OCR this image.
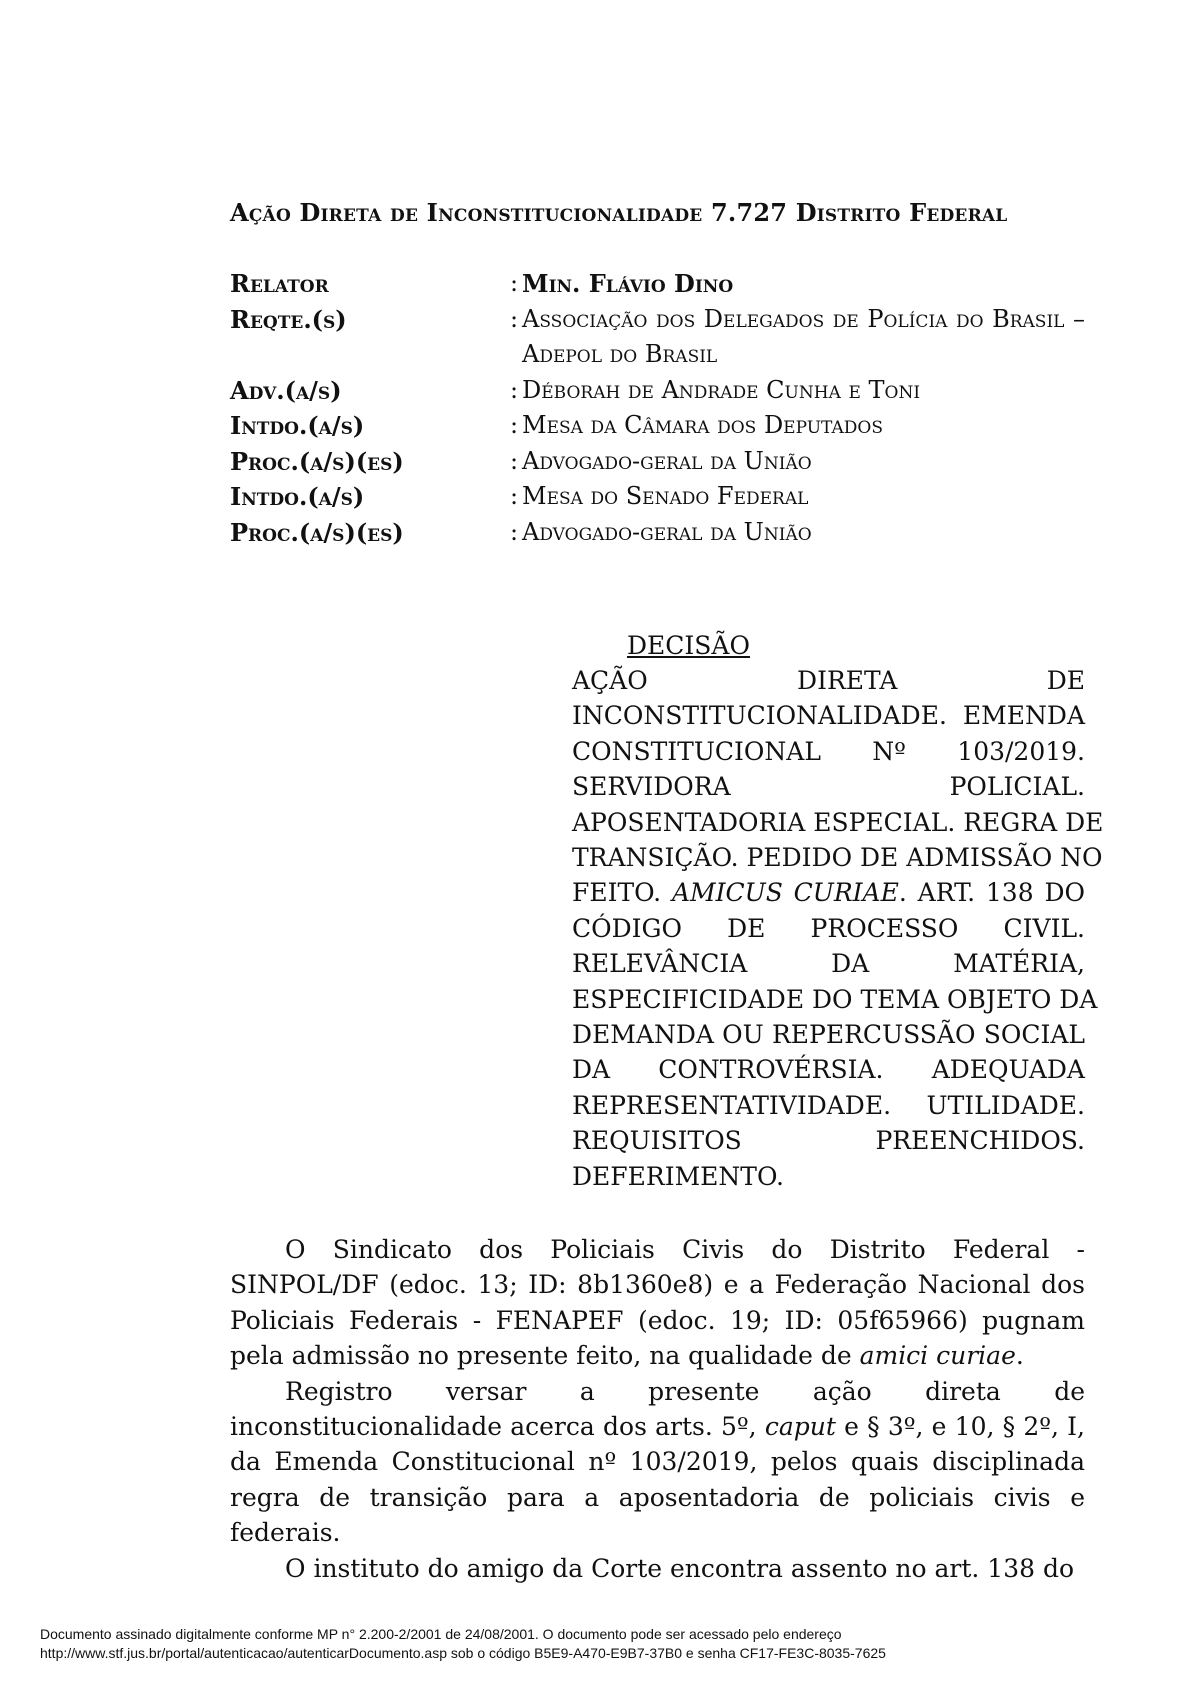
Ação Direta de Inconstitucionalidade 7.727 Distrito Federal
Relator	: Min. Flávio Dino
Reqte.(s)	: Associação dos Delegados de Polícia do Brasil – Adepol do Brasil
Adv.(a/s)	: Déborah de Andrade Cunha e Toni
Intdo.(a/s)	: Mesa da Câmara dos Deputados
Proc.(a/s)(es)	: Advogado-geral da União
Intdo.(a/s)	: Mesa do Senado Federal
Proc.(a/s)(es)	: Advogado-geral da União
DECISÃO
AÇÃO DIRETA DE
INCONSTITUCIONALIDADE. EMENDA
CONSTITUCIONAL Nº 103/2019.
SERVIDORA POLICIAL.
APOSENTADORIA ESPECIAL. REGRA DE
TRANSIÇÃO. PEDIDO DE ADMISSÃO NO
FEITO. AMICUS CURIAE. ART. 138 DO
CÓDIGO DE PROCESSO CIVIL.
RELEVÂNCIA DA MATÉRIA,
ESPECIFICIDADE DO TEMA OBJETO DA
DEMANDA OU REPERCUSSÃO SOCIAL
DA CONTROVÉRSIA. ADEQUADA
REPRESENTATIVIDADE. UTILIDADE.
REQUISITOS PREENCHIDOS.
DEFERIMENTO.

O Sindicato dos Policiais Civis do Distrito Federal - SINPOL/DF (edoc. 13; ID: 8b1360e8) e a Federação Nacional dos Policiais Federais - FENAPEF (edoc. 19; ID: 05f65966) pugnam pela admissão no presente feito, na qualidade de amici curiae.

Registro versar a presente ação direta de inconstitucionalidade acerca dos arts. 5º, caput e § 3º, e 10, § 2º, I, da Emenda Constitucional nº 103/2019, pelos quais disciplinada regra de transição para a aposentadoria de policiais civis e federais.

O instituto do amigo da Corte encontra assento no art. 138 do

Documento assinado digitalmente conforme MP n° 2.200-2/2001 de 24/08/2001. O documento pode ser acessado pelo endereço
http://www.stf.jus.br/portal/autenticacao/autenticarDocumento.asp sob o código B5E9-A470-E9B7-37B0 e senha CF17-FE3C-8035-7625
